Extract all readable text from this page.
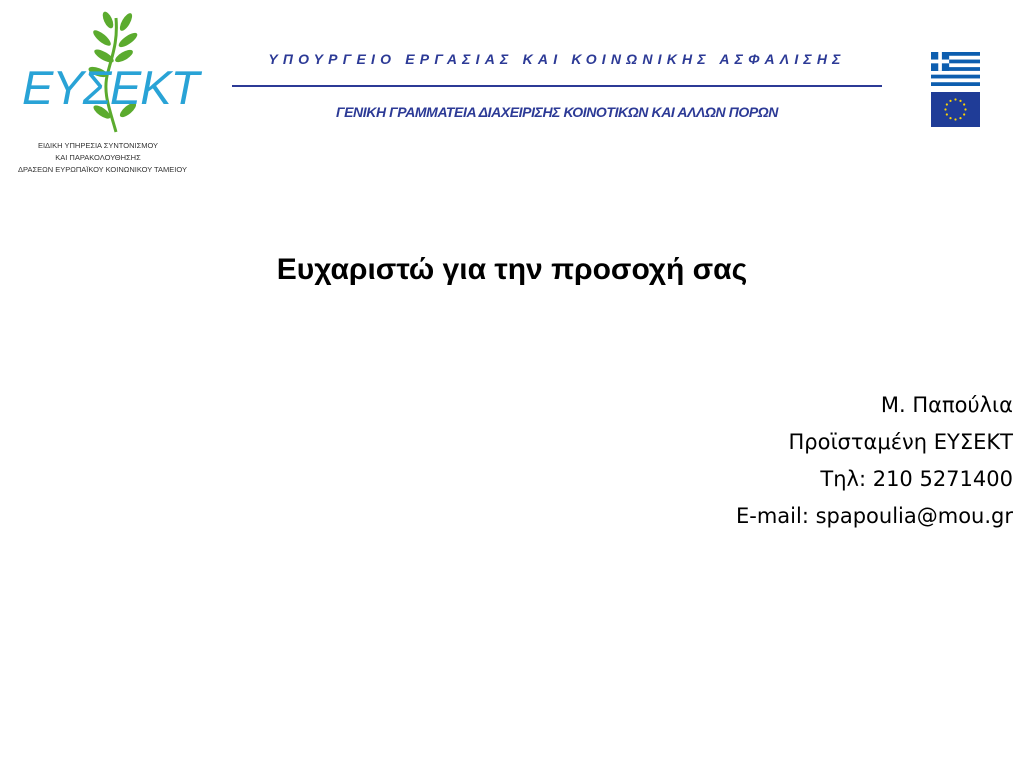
ΕΥΣΕΚΤ
ΕΙΔΙΚΗ ΥΠΗΡΕΣΙΑ ΣΥΝΤΟΝΙΣΜΟΥ
ΚΑΙ ΠΑΡΑΚΟΛΟΥΘΗΣΗΣ
ΔΡΑΣΕΩΝ ΕΥΡΩΠΑΪΚΟΥ ΚΟΙΝΩΝΙΚΟΥ ΤΑΜΕΙΟΥ
ΥΠΟΥΡΓΕΙΟ ΕΡΓΑΣΙΑΣ ΚΑΙ ΚΟΙΝΩΝΙΚΗΣ ΑΣΦΑΛΙΣΗΣ
ΓΕΝΙΚΗ ΓΡΑΜΜΑΤΕΙΑ ΔΙΑΧΕΙΡΙΣΗΣ ΚΟΙΝΟΤΙΚΩΝ ΚΑΙ ΑΛΛΩΝ ΠΟΡΩΝ
Ευχαριστώ για την προσοχή σας
Μ. Παπούλια
Προϊσταμένη ΕΥΣΕΚΤ
Τηλ: 210 5271400
E-mail: spapoulia@mou.gr
